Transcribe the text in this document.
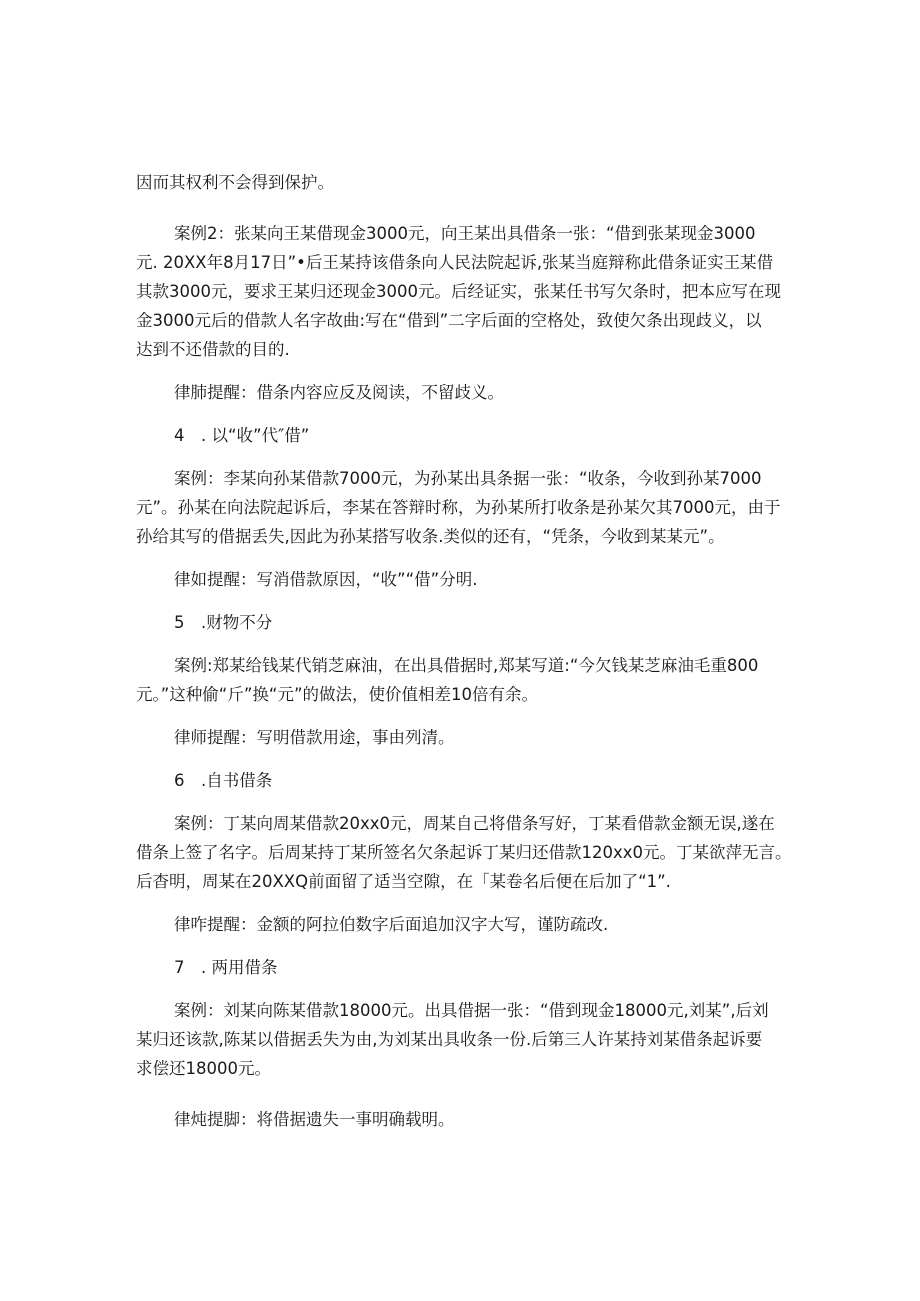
因而其权利不会得到保护。

案例2：张某向王某借现金3000元，向王某出具借条一张：“借到张某现金3000

元. 20XX年8月17日”•后王某持该借条向人民法院起诉,张某当庭辩称此借条证实王某借

其款3000元，要求王某归还现金3000元。后经证实，张某任书写欠条时，把本应写在现

金3000元后的借款人名字故曲:写在“借到”二字后面的空格处，致使欠条出现歧义，以

达到不还借款的目的.

律肺提醒：借条内容应反及阅读，不留歧义。

4　. 以“收”代″借”

案例：李某向孙某借款7000元，为孙某出具条据一张：“收条，今收到孙某7000

元”。孙某在向法院起诉后，李某在答辩时称，为孙某所打收条是孙某欠其7000元，由于

孙给其写的借据丢失,因此为孙某搭写收条.类似的还有，“凭条，今收到某某元”。

律如提醒：写消借款原因，“收”“借”分明.

5　.财物不分

案例:郑某给钱某代销芝麻油，在出具借据时,郑某写道:“今欠钱某芝麻油毛重800

元。”这种偷“斤”换“元”的做法，使价值相差10倍有余。

律师提醒：写明借款用途，事由列清。

6　.自书借条

案例：丁某向周某借款20xx0元，周某自己将借条写好，丁某看借款金额无误,遂在

借条上签了名字。后周某持丁某所签名欠条起诉丁某归还借款120xx0元。丁某欲萍无言。

后杳明，周某在20XXQ前面留了适当空隙，在「某卷名后便在后加了“1”.

律咋提醒：金额的阿拉伯数字后面追加汉字大写，谨防疏改.

7　. 两用借条

案例：刘某向陈某借款18000元。出具借据一张：“借到现金18000元,刘某”,后刘

某归还该款,陈某以借据丢失为由,为刘某出具收条一份.后第三人许某持刘某借条起诉要

求偿还18000元。

律炖提脚：将借据遗失一事明确载明。
